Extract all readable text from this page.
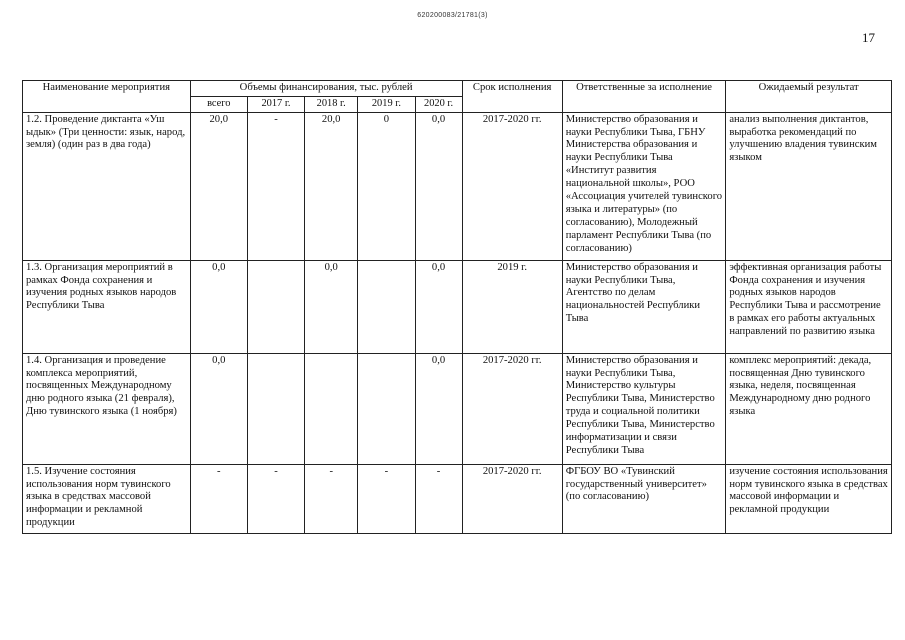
620200083/21781(3)
17
Наименование мероприятия	Объемы финансирования, тыс. рублей					Срок исполнения	Ответственные за исполнение	Ожидаемый результат
	всего	2017 г.	2018 г.	2019 г.	2020 г.			
1.2. Проведение диктанта «Уш ыдык» (Три ценности: язык, народ, земля) (один раз в два года)	20,0	-	20,0	0	0,0	2017-2020 гг.	Министерство образования и науки Республики Тыва, ГБНУ Министерства образования и науки Республики Тыва «Институт развития национальной школы», РОО «Ассоциация учителей тувинского языка и литературы» (по согласованию), Молодежный парламент Республики Тыва (по согласованию)	анализ выполнения диктантов, выработка рекомендаций по улучшению владения тувинским языком
1.3. Организация мероприятий в рамках Фонда сохранения и изучения родных языков народов Республики Тыва	0,0		0,0		0,0	2019 г.	Министерство образования и науки Республики Тыва, Агентство по делам национальностей Республики Тыва	эффективная организация работы Фонда сохранения и изучения родных языков народов Республики Тыва и рассмотрение в рамках его работы актуальных направлений по развитию языка
1.4. Организация и проведение комплекса мероприятий, посвященных Международному дню родного языка (21 февраля), Дню тувинского языка (1 ноября)	0,0				0,0	2017-2020 гг.	Министерство образования и науки Республики Тыва, Министерство культуры Республики Тыва, Министерство труда и социальной политики Республики Тыва, Министерство информатизации и связи Республики Тыва	комплекс мероприятий: декада, посвященная Дню тувинского языка, неделя, посвященная Международному дню родного языка
1.5. Изучение состояния использования норм тувинского языка в средствах массовой информации и рекламной продукции	-	-	-	-	-	2017-2020 гг.	ФГБОУ ВО «Тувинский государственный университет» (по согласованию)	изучение состояния использования норм тувинского языка в средствах массовой информации и рекламной продукции
